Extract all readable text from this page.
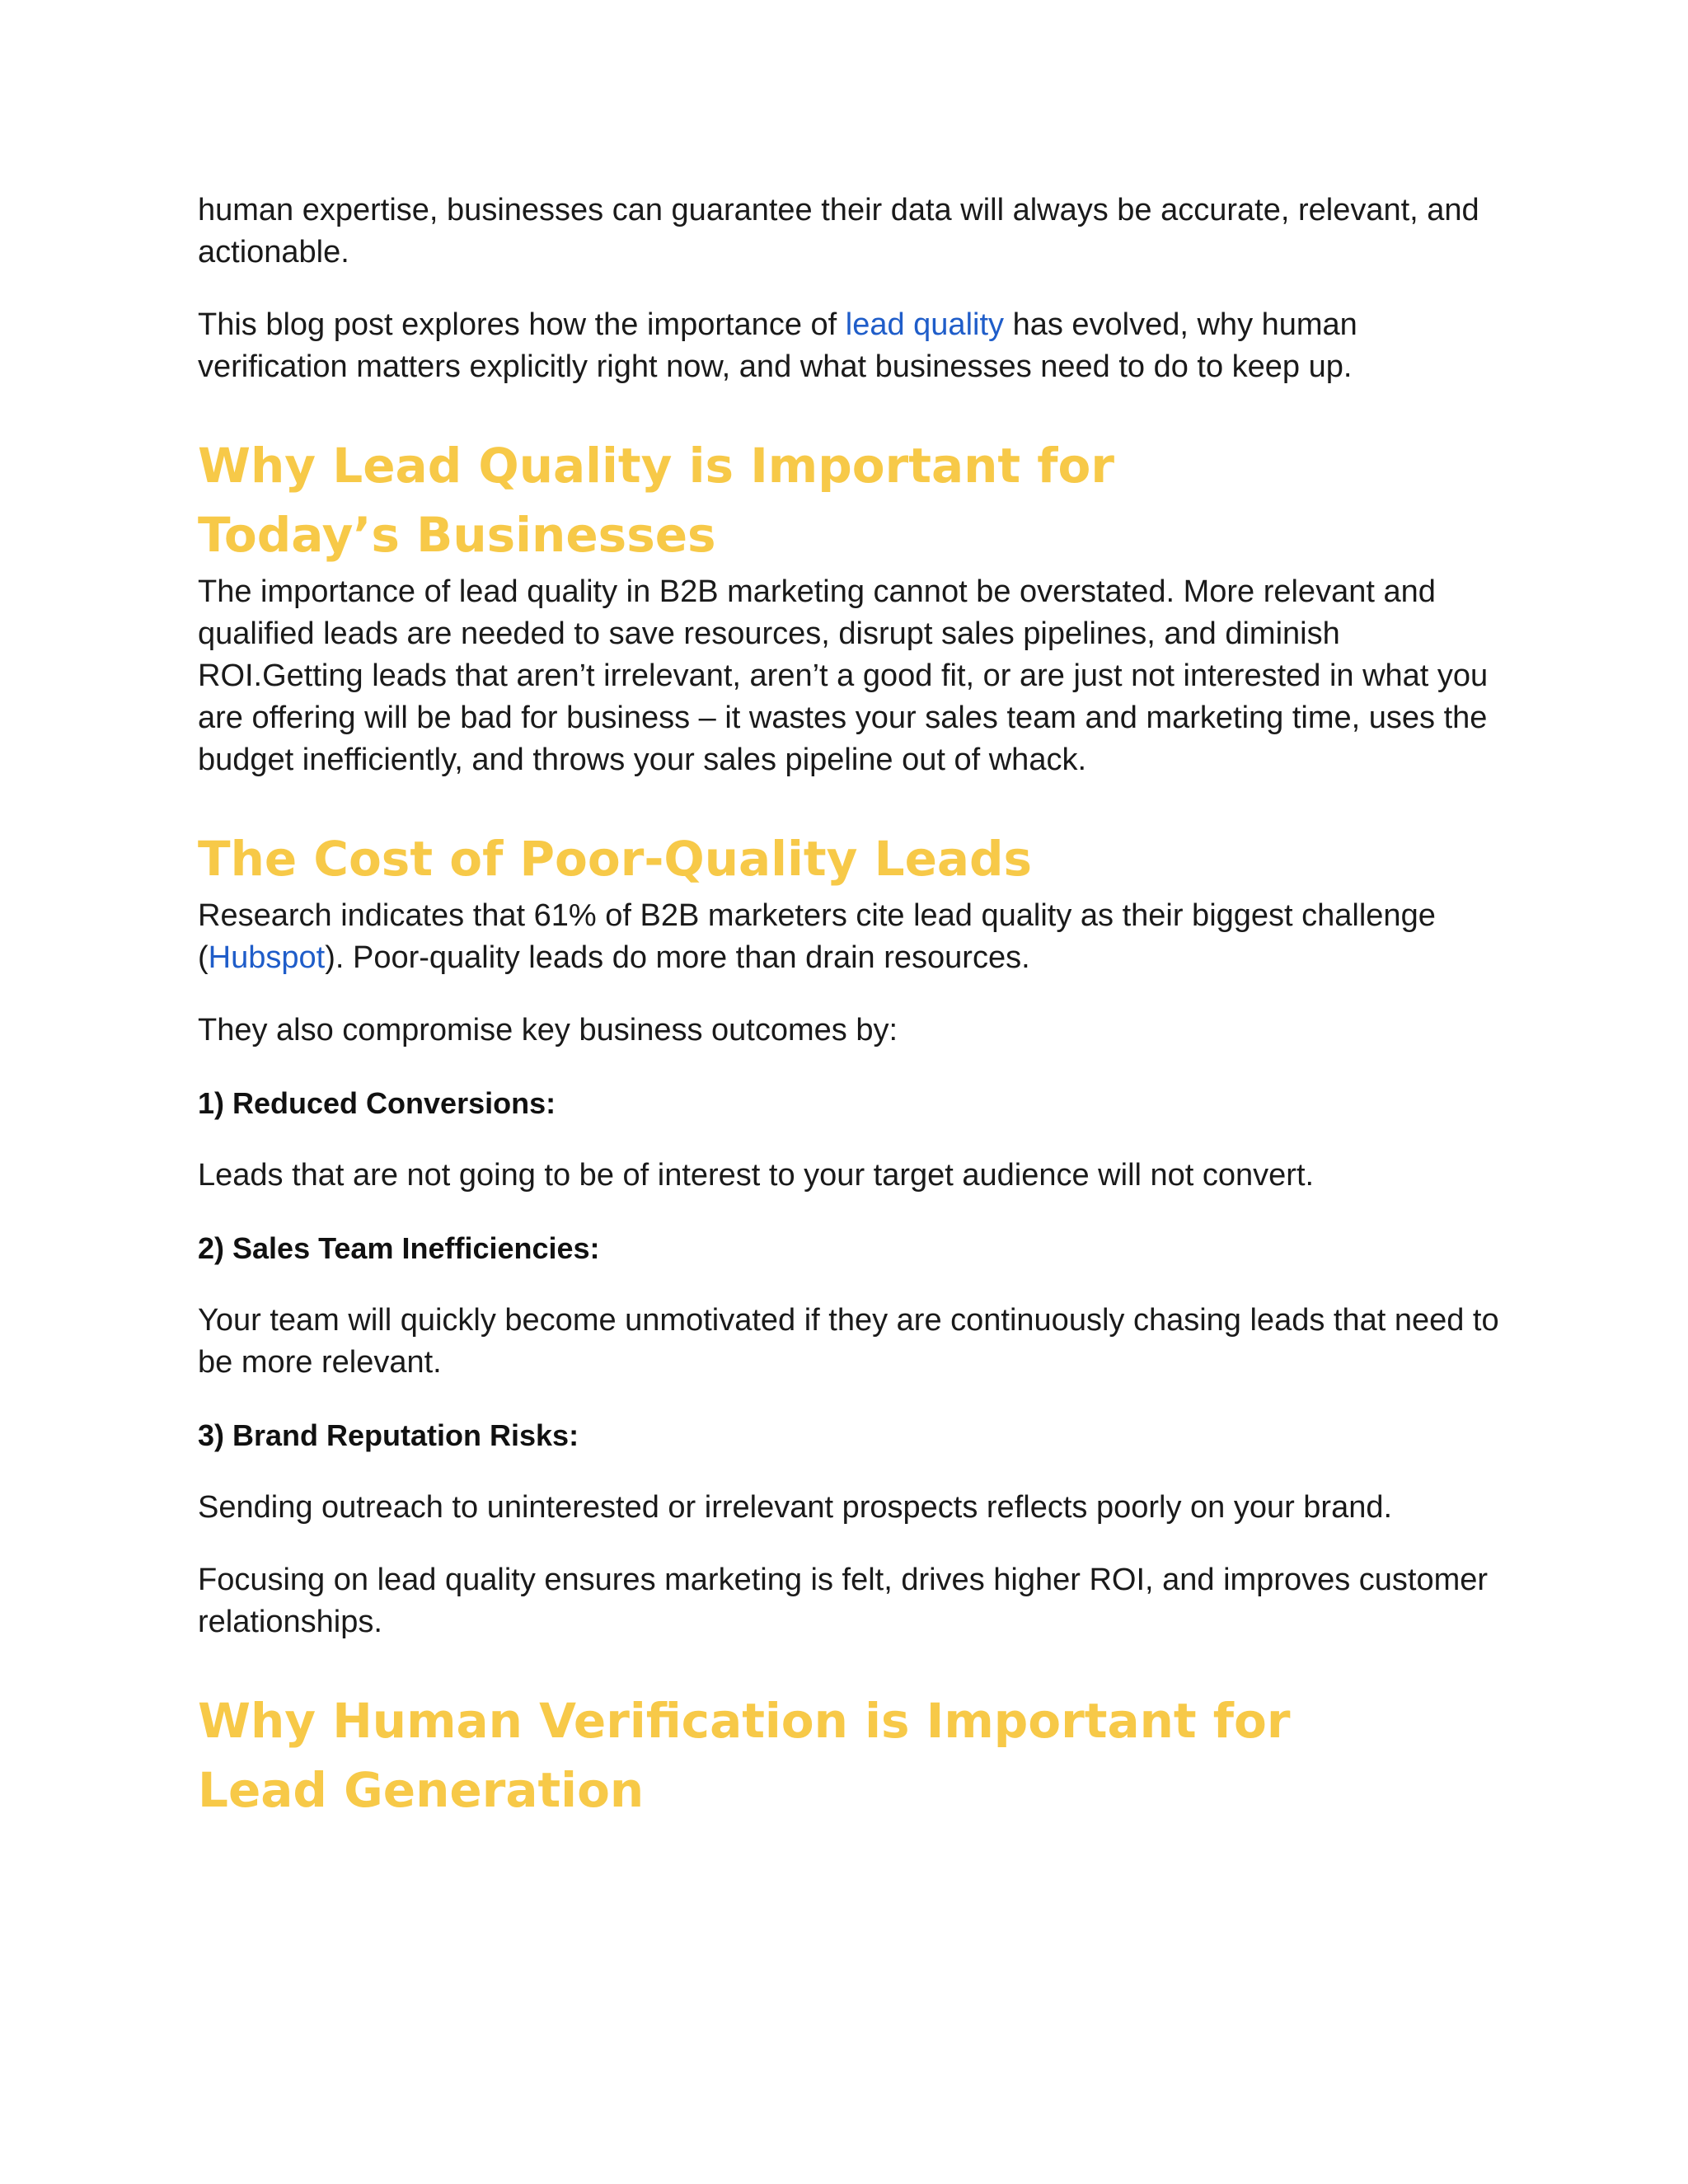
human expertise, businesses can guarantee their data will always be accurate, relevant, and actionable.

This blog post explores how the importance of lead quality has evolved, why human verification matters explicitly right now, and what businesses need to do to keep up.

Why Lead Quality is Important for Today’s Businesses

The importance of lead quality in B2B marketing cannot be overstated. More relevant and qualified leads are needed to save resources, disrupt sales pipelines, and diminish ROI.Getting leads that aren’t irrelevant, aren’t a good fit, or are just not interested in what you are offering will be bad for business – it wastes your sales team and marketing time, uses the budget inefficiently, and throws your sales pipeline out of whack.

The Cost of Poor-Quality Leads

Research indicates that 61% of B2B marketers cite lead quality as their biggest challenge (Hubspot). Poor-quality leads do more than drain resources.

They also compromise key business outcomes by:

1) Reduced Conversions:

Leads that are not going to be of interest to your target audience will not convert.

2) Sales Team Inefficiencies:

Your team will quickly become unmotivated if they are continuously chasing leads that need to be more relevant.

3) Brand Reputation Risks:

Sending outreach to uninterested or irrelevant prospects reflects poorly on your brand.

Focusing on lead quality ensures marketing is felt, drives higher ROI, and improves customer relationships.

Why Human Verification is Important for Lead Generation
